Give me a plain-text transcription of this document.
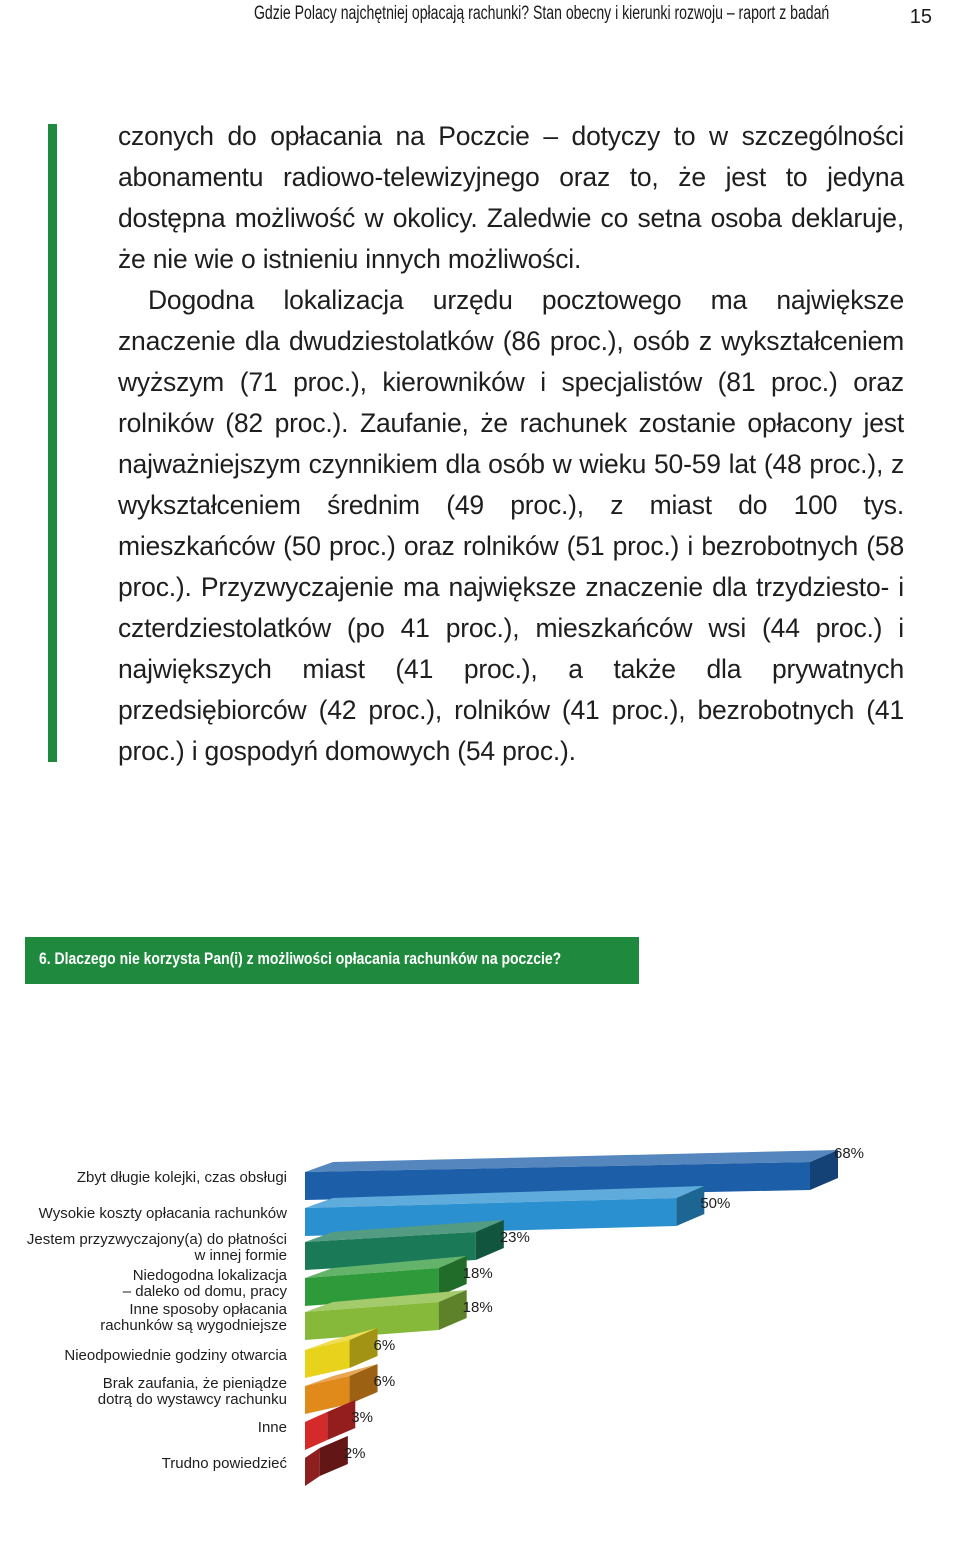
Gdzie Polacy najchętniej opłacają rachunki? Stan obecny i kierunki rozwoju – raport z badań	15

czonych do opłacania na Poczcie – dotyczy to w szczególności abonamentu radiowo-telewizyjnego oraz to, że jest to jedyna dostępna możliwość w okolicy. Zaledwie co setna osoba deklaruje, że nie wie o istnieniu innych możliwości.

Dogodna lokalizacja urzędu pocztowego ma największe znaczenie dla dwudziestolatków (86 proc.), osób z wykształceniem wyższym (71 proc.), kierowników i specjalistów (81 proc.) oraz rolników (82 proc.). Zaufanie, że rachunek zostanie opłacony jest najważniejszym czynnikiem dla osób w wieku 50-59 lat (48 proc.), z wykształceniem średnim (49 proc.), z miast do 100 tys. mieszkańców (50 proc.) oraz rolników (51 proc.) i bezrobotnych (58 proc.). Przyzwyczajenie ma największe znaczenie dla trzydziesto- i czterdziestolatków (po 41 proc.), mieszkańców wsi (44 proc.) i największych miast (41 proc.), a także dla prywatnych przedsiębiorców (42 proc.), rolników (41 proc.), bezrobotnych (41 proc.) i gospodyń domowych (54 proc.).

6. Dlaczego nie korzysta Pan(i) z możliwości opłacania rachunków na poczcie?
68%
Zbyt długie kolejki, czas obsługi
50%
Wysokie koszty opłacania rachunków
23%
Jestem przyzwyczajony(a) do płatności
w innej formie
18%
Niedogodna lokalizacja
– daleko od domu, pracy
18%
Inne sposoby opłacania
rachunków są wygodniejsze
6%
Nieodpowiednie godziny otwarcia
6%
Brak zaufania, że pieniądze
dotrą do wystawcy rachunku
3%
Inne
2%
Trudno powiedzieć
